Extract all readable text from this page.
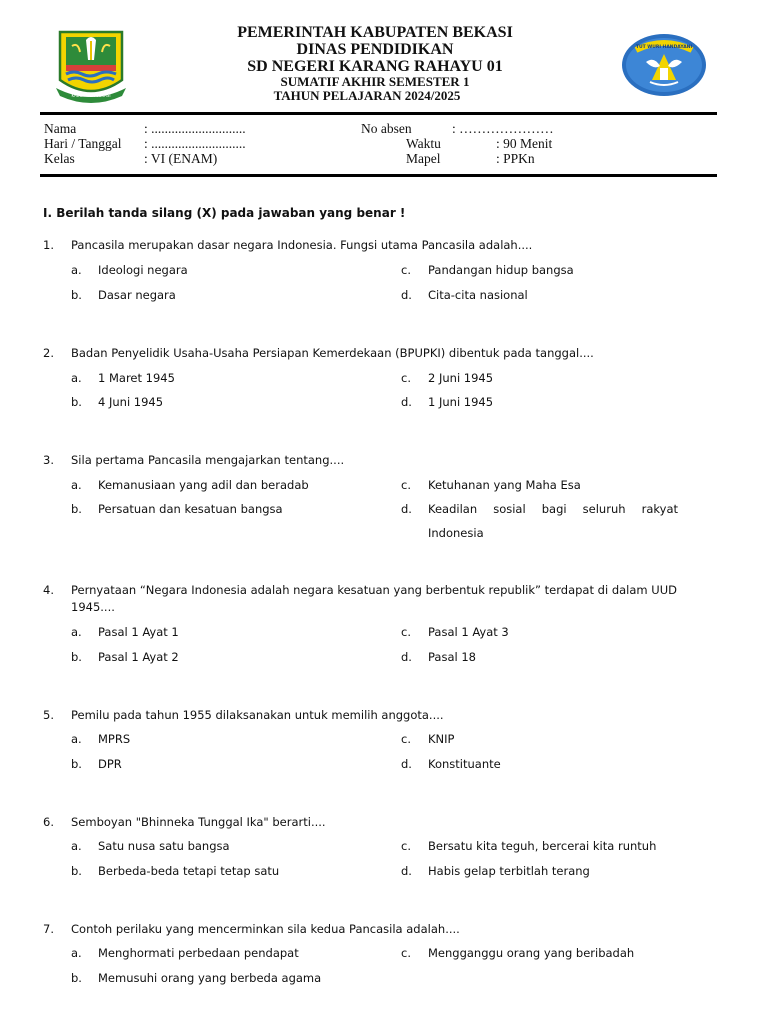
KABUPATEN BEKASI
TUT WURI HANDAYANI
PEMERINTAH KABUPATEN BEKASI
DINAS PENDIDIKAN
SD NEGERI KARANG RAHAYU 01
SUMATIF AKHIR SEMESTER 1
TAHUN PELAJARAN 2024/2025
Nama	: ............................
Hari / Tanggal : ............................
Kelas	: VI (ENAM)
No absen	: …………………
Waktu	: 90 Menit
Mapel	: PPKn
I. Berilah tanda silang (X) pada jawaban yang benar !
1.	Pancasila merupakan dasar negara Indonesia. Fungsi utama Pancasila adalah....
a.	Ideologi negara
b.	Dasar negara
c.	Pandangan hidup bangsa
d.	Cita-cita nasional
2.	Badan Penyelidik Usaha-Usaha Persiapan Kemerdekaan (BPUPKI) dibentuk pada tanggal....
a.	1 Maret 1945
b.	4 Juni 1945
c.	2 Juni 1945
d.	1 Juni 1945
3.	Sila pertama Pancasila mengajarkan tentang....
a.	Kemanusiaan yang adil dan beradab
b.	Persatuan dan kesatuan bangsa
c.	Ketuhanan yang Maha Esa
d.	Keadilan sosial bagi seluruh rakyat
Indonesia
4.	Pernyataan “Negara Indonesia adalah negara kesatuan yang berbentuk republik” terdapat di dalam UUD 1945....
a.	Pasal 1 Ayat 1
b.	Pasal 1 Ayat 2
c.	Pasal 1 Ayat 3
d.	Pasal 18
5.	Pemilu pada tahun 1955 dilaksanakan untuk memilih anggota....
a.	MPRS
b.	DPR
c.	KNIP
d.	Konstituante
6.	Semboyan "Bhinneka Tunggal Ika" berarti....
a.	Satu nusa satu bangsa
b.	Berbeda-beda tetapi tetap satu
c.	Bersatu kita teguh, bercerai kita runtuh
d.	Habis gelap terbitlah terang
7.	Contoh perilaku yang mencerminkan sila kedua Pancasila adalah....
a.	Menghormati perbedaan pendapat
b.	Memusuhi orang yang berbeda agama
c.	Mengganggu orang yang beribadah
